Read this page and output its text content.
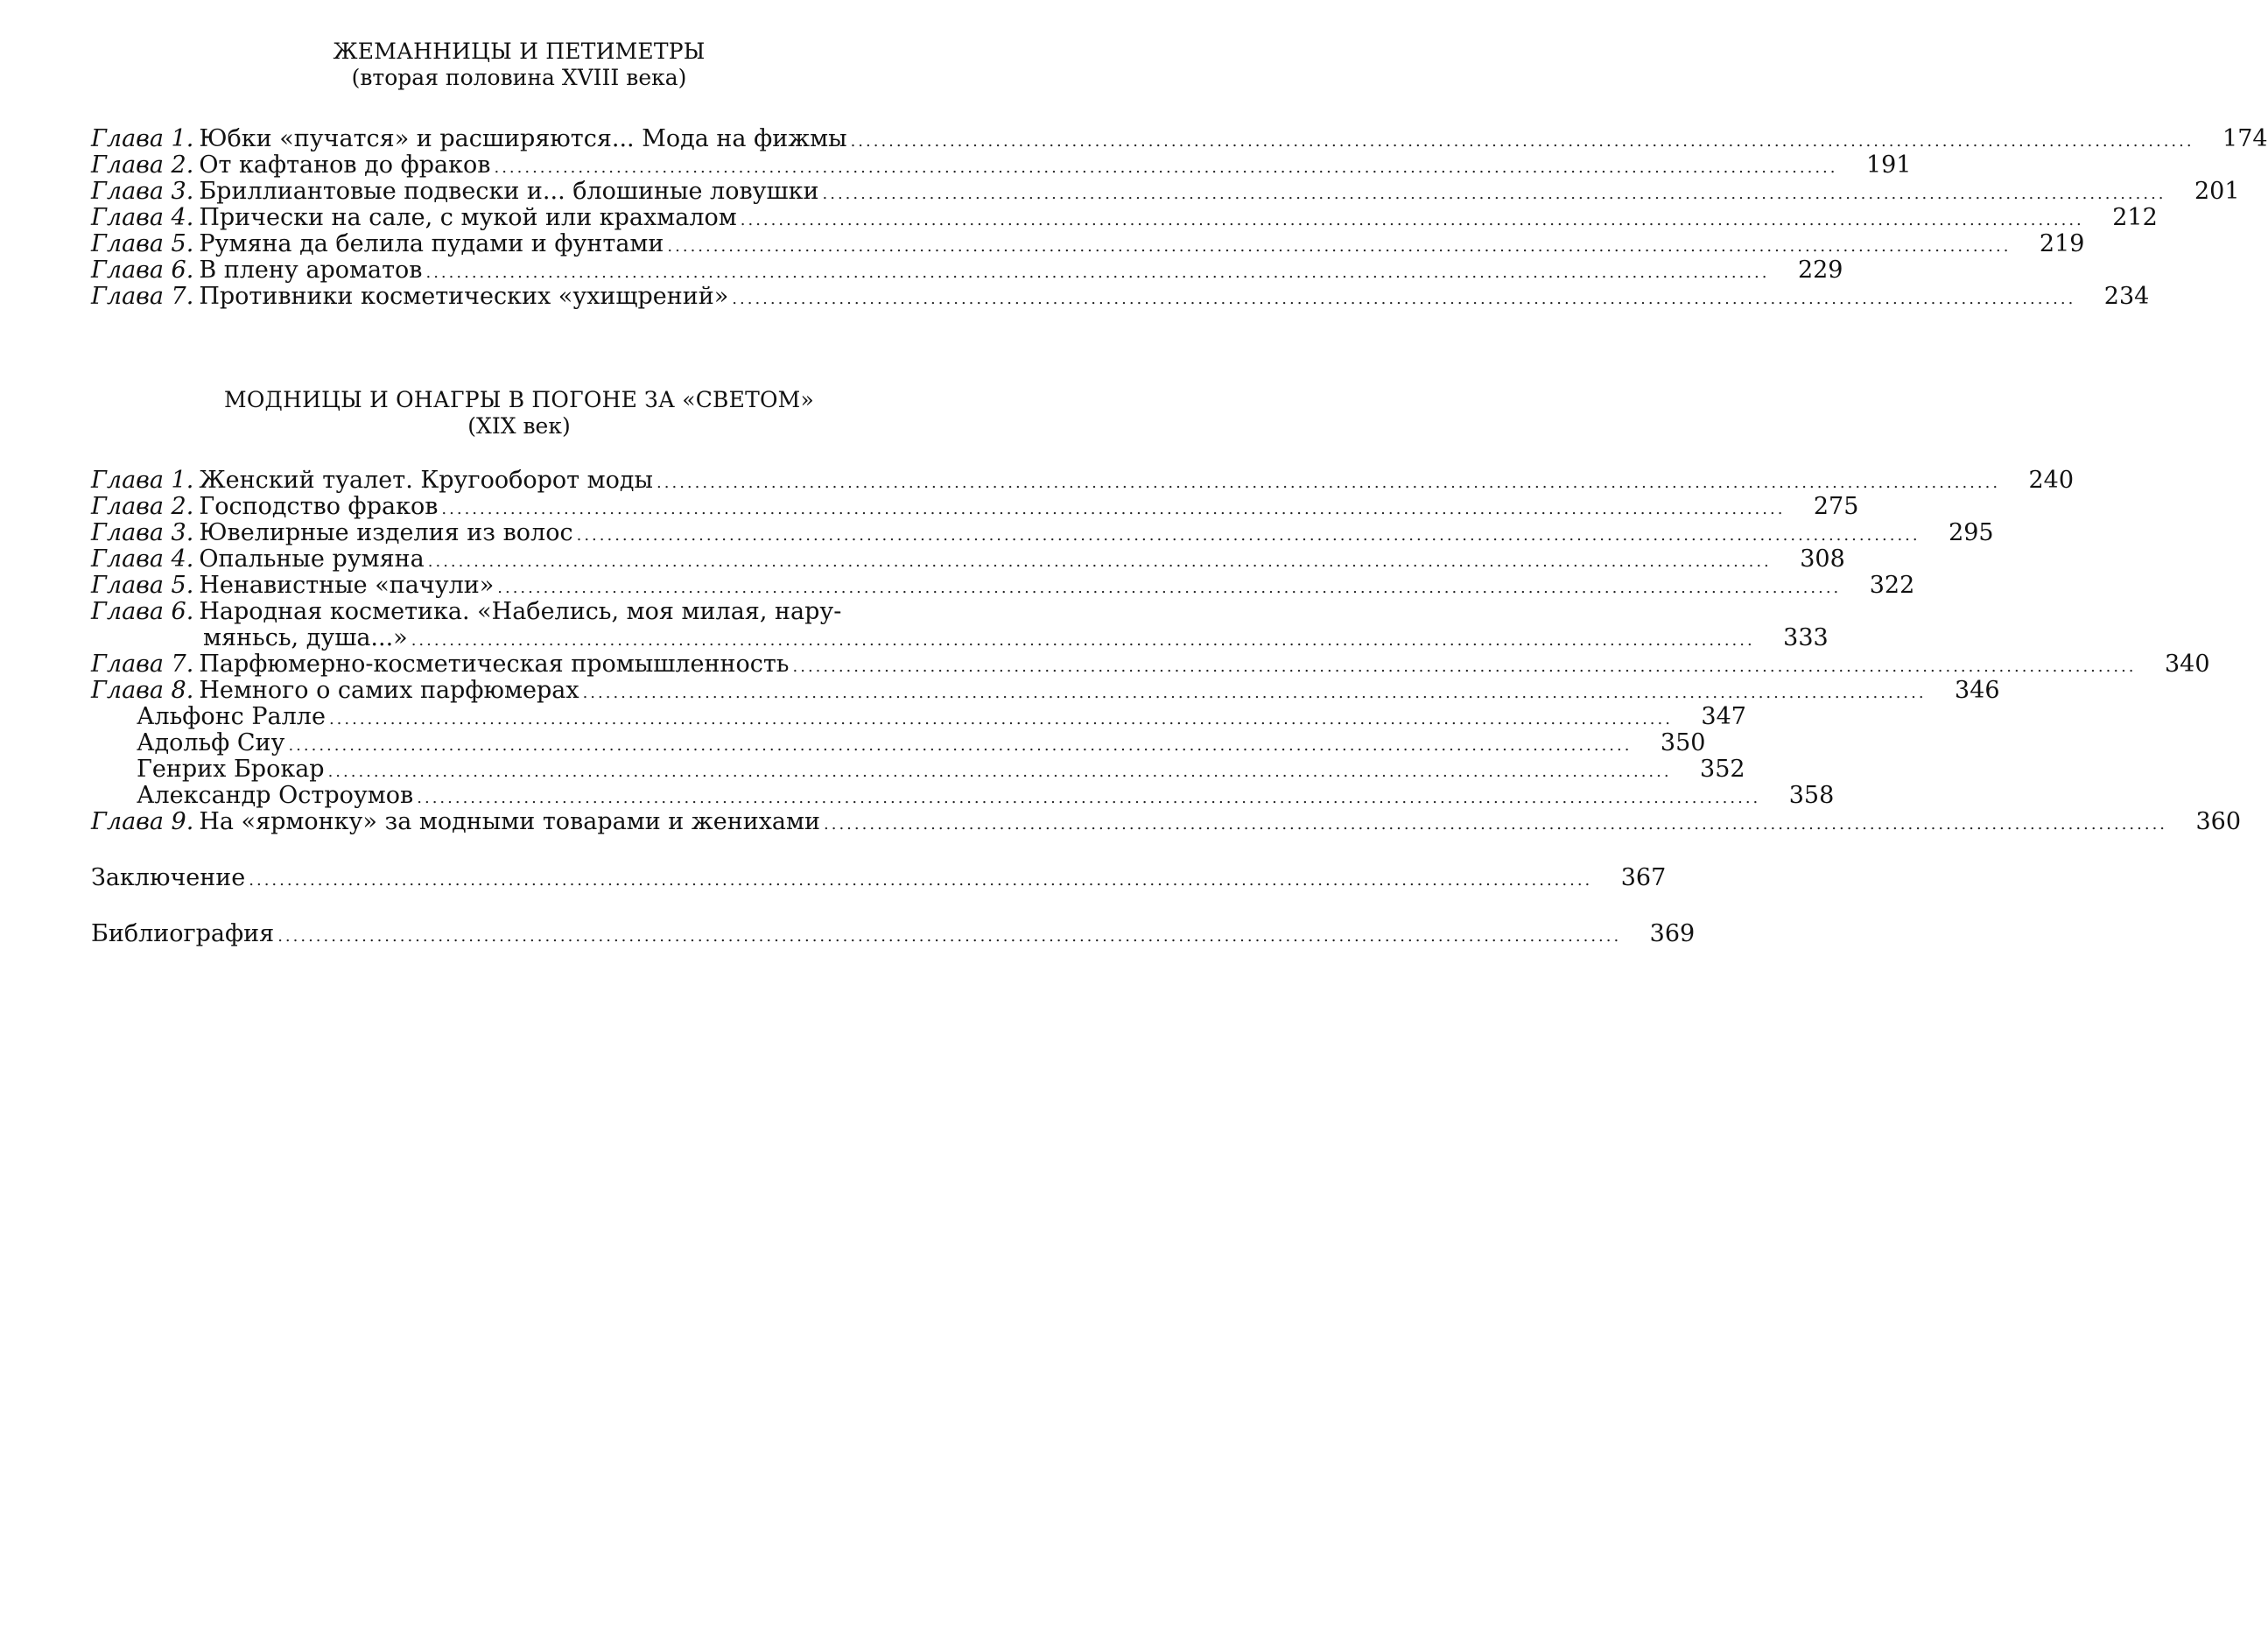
ЖЕМАННИЦЫ И ПЕТИМЕТРЫ
(вторая половина XVIII века)
Глава 1. Юбки «пучатся» и расширяются... Мода на фижмы
.....	174
Глава 2. От кафтанов до фраков
.....	191
Глава 3. Бриллиантовые подвески и... блошиные ловушки
.....	201
Глава 4. Прически на сале, с мукой или крахмалом
.....	212
Глава 5. Румяна да белила пудами и фунтами
.....	219
Глава 6. В плену ароматов
.....	229
Глава 7. Противники косметических «ухищрений»
.....	234
МОДНИЦЫ И ОНАГРЫ В ПОГОНЕ ЗА «СВЕТОМ»
(XIX век)
Глава 1. Женский туалет. Кругооборот моды
.....	240
Глава 2. Господство фраков
.....	275
Глава 3. Ювелирные изделия из волос
.....	295
Глава 4. Опальные румяна
.....	308
Глава 5. Ненавистные «пачули»
.....	322
Глава 6. Народная косметика. «Набелись, моя милая, нару-
мяньсь, душа...»
.....	333
Глава 7. Парфюмерно-косметическая промышленность
.....	340
Глава 8. Немного о самих парфюмерах
.....	346
Альфонс Ралле
.....	347
Адольф Сиу
.....	350
Генрих Брокар
.....	352
Александр Остроумов
.....	358
Глава 9. На «ярмонку» за модными товарами и женихами
.....	360
Заключение
.....	367
Библиография
.....	369
